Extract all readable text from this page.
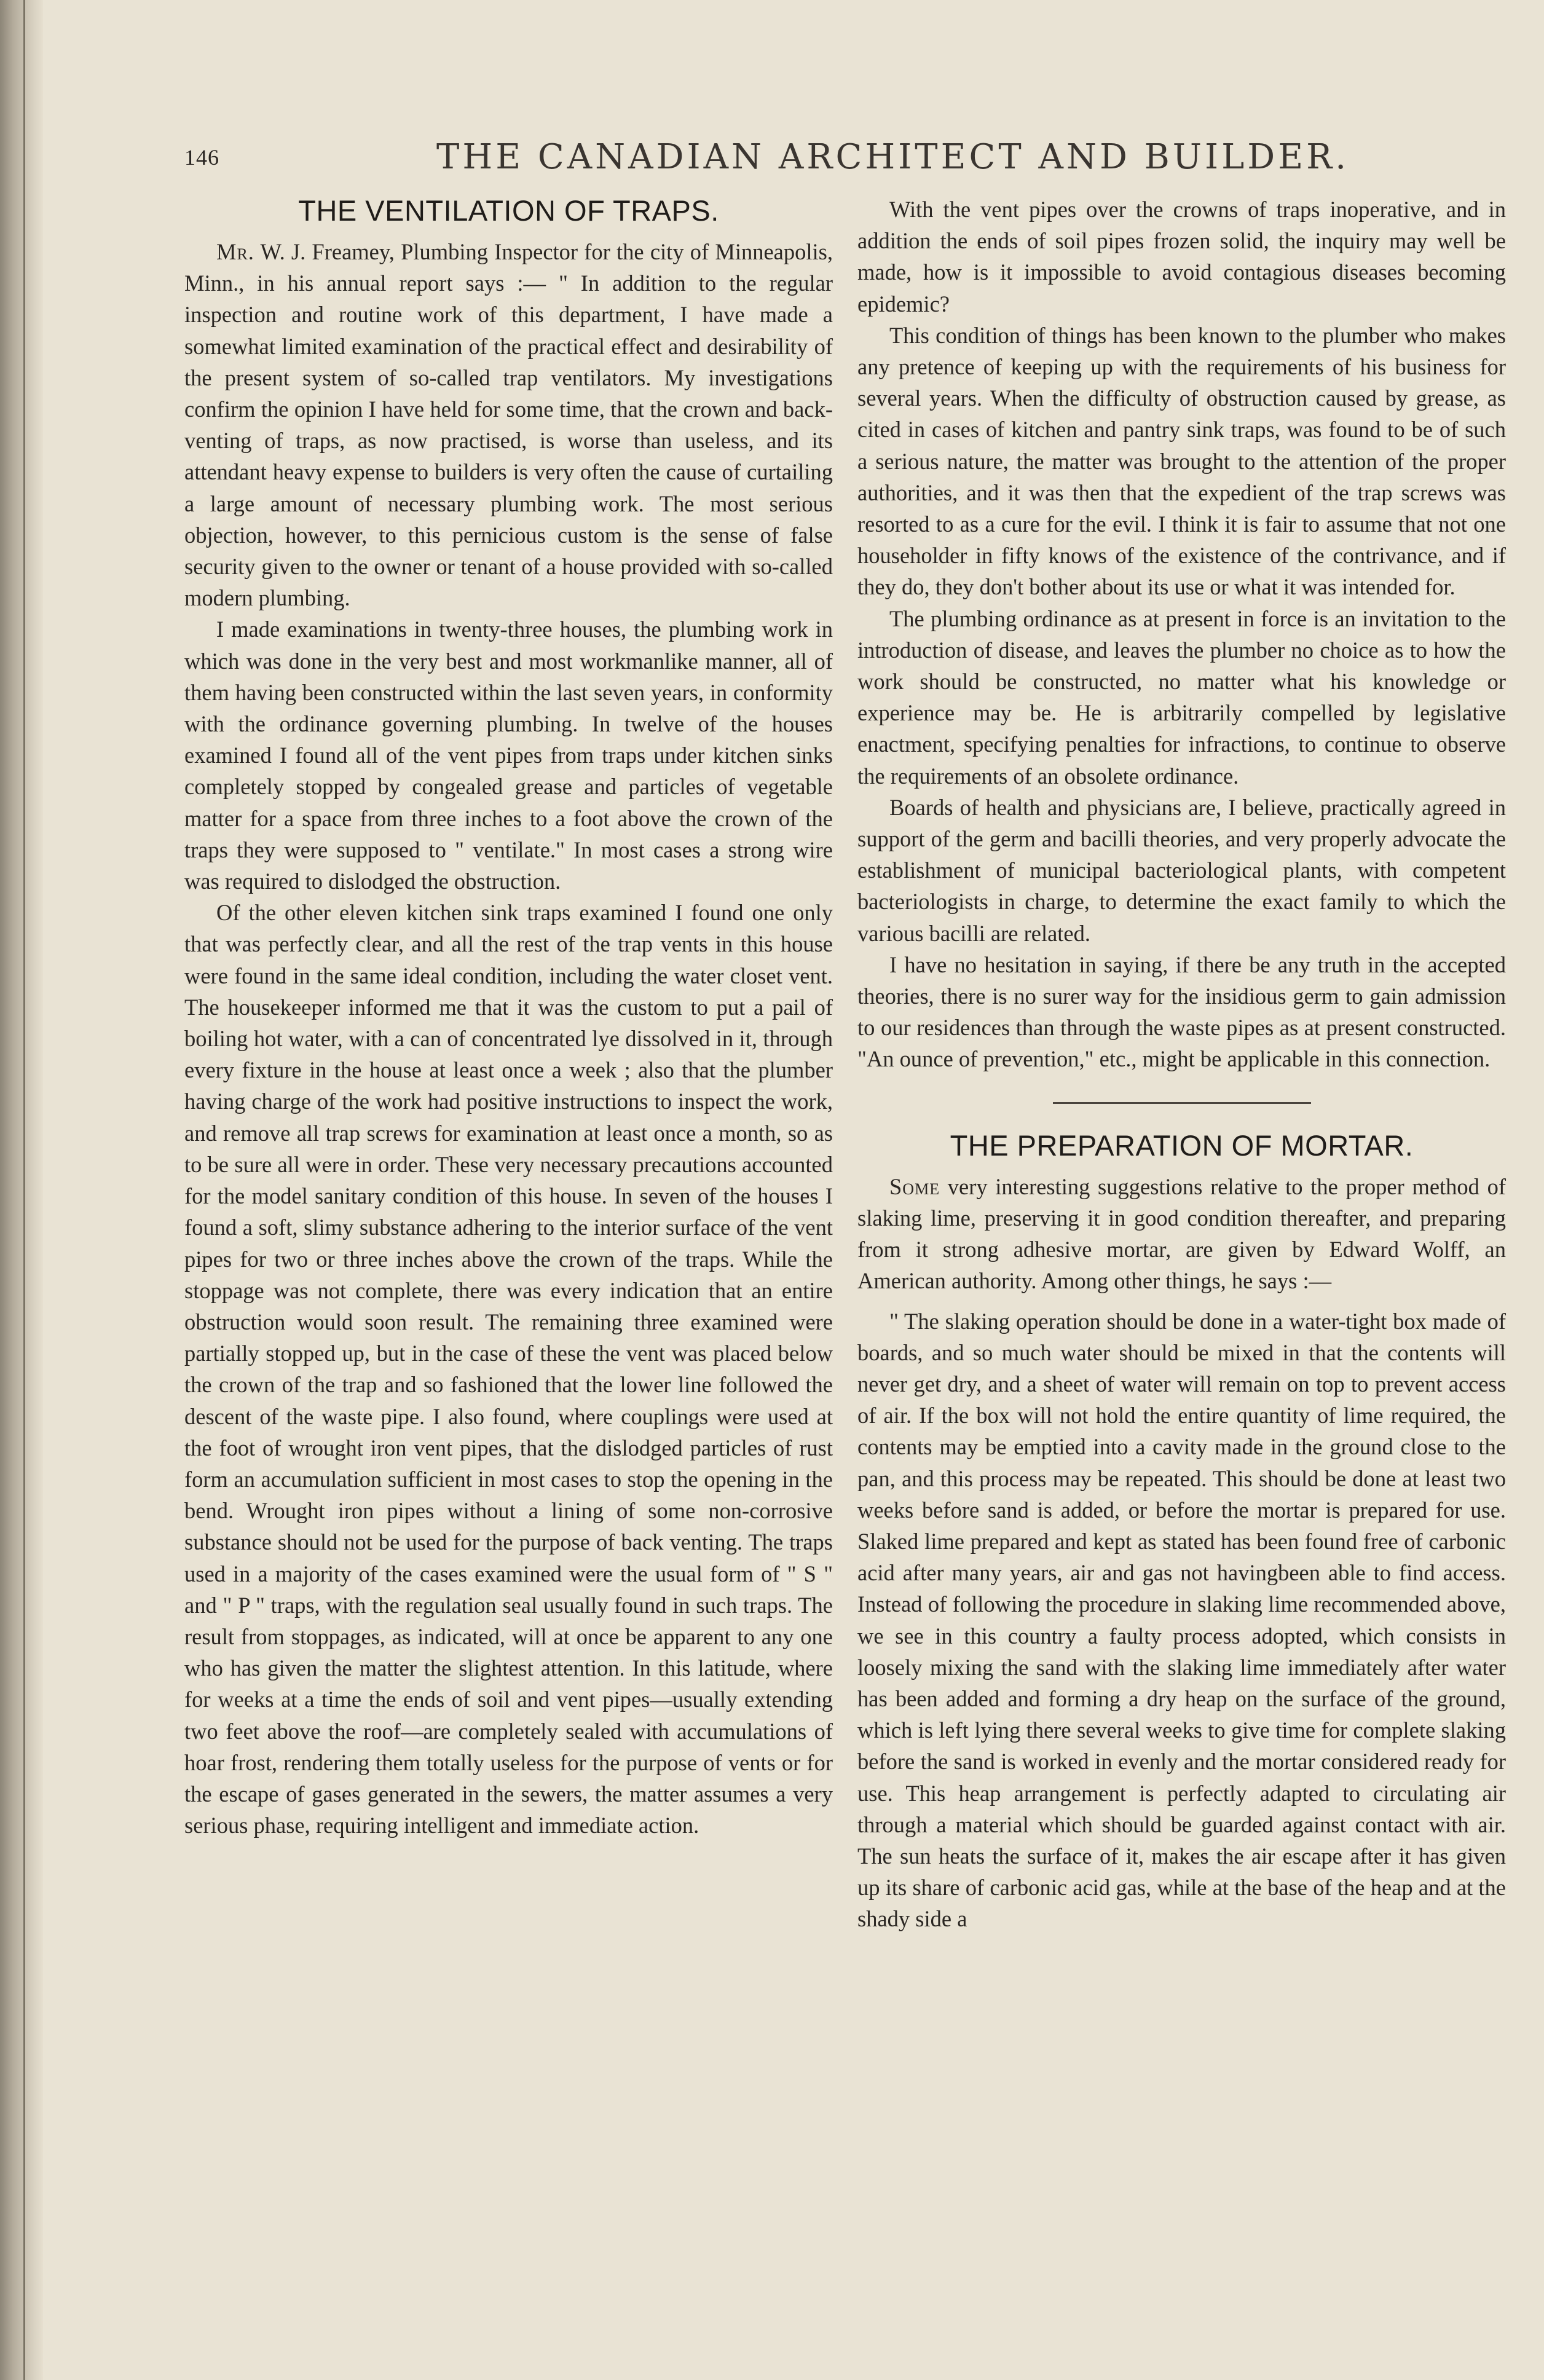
146	THE CANADIAN ARCHITECT AND BUILDER.
THE VENTILATION OF TRAPS.

Mr. W. J. Freamey, Plumbing Inspector for the city of Minneapolis, Minn., in his annual report says :— " In addition to the regular inspection and routine work of this department, I have made a somewhat limited examination of the practical effect and desirability of the present system of so-called trap ventilators. My investigations confirm the opinion I have held for some time, that the crown and back-venting of traps, as now practised, is worse than useless, and its attendant heavy expense to builders is very often the cause of curtailing a large amount of necessary plumbing work. The most serious objection, however, to this pernicious custom is the sense of false security given to the owner or tenant of a house provided with so-called modern plumbing.

I made examinations in twenty-three houses, the plumbing work in which was done in the very best and most workmanlike manner, all of them having been constructed within the last seven years, in conformity with the ordinance governing plumbing. In twelve of the houses examined I found all of the vent pipes from traps under kitchen sinks completely stopped by congealed grease and particles of vegetable matter for a space from three inches to a foot above the crown of the traps they were supposed to " ventilate." In most cases a strong wire was required to dislodged the obstruction.

Of the other eleven kitchen sink traps examined I found one only that was perfectly clear, and all the rest of the trap vents in this house were found in the same ideal condition, including the water closet vent. The housekeeper informed me that it was the custom to put a pail of boiling hot water, with a can of concentrated lye dissolved in it, through every fixture in the house at least once a week ; also that the plumber having charge of the work had positive instructions to inspect the work, and remove all trap screws for examination at least once a month, so as to be sure all were in order. These very necessary precautions accounted for the model sanitary condition of this house. In seven of the houses I found a soft, slimy substance adhering to the interior surface of the vent pipes for two or three inches above the crown of the traps. While the stoppage was not complete, there was every indication that an entire obstruction would soon result. The remaining three examined were partially stopped up, but in the case of these the vent was placed below the crown of the trap and so fashioned that the lower line followed the descent of the waste pipe. I also found, where couplings were used at the foot of wrought iron vent pipes, that the dislodged particles of rust form an accumulation sufficient in most cases to stop the opening in the bend. Wrought iron pipes without a lining of some non-corrosive substance should not be used for the purpose of back venting. The traps used in a majority of the cases examined were the usual form of " S " and " P " traps, with the regulation seal usually found in such traps. The result from stoppages, as indicated, will at once be apparent to any one who has given the matter the slightest attention. In this latitude, where for weeks at a time the ends of soil and vent pipes—usually extending two feet above the roof—are completely sealed with accumulations of hoar frost, rendering them totally useless for the purpose of vents or for the escape of gases generated in the sewers, the matter assumes a very serious phase, requiring intelligent and immediate action.

With the vent pipes over the crowns of traps inoperative, and in addition the ends of soil pipes frozen solid, the inquiry may well be made, how is it impossible to avoid contagious diseases becoming epidemic?

This condition of things has been known to the plumber who makes any pretence of keeping up with the requirements of his business for several years. When the difficulty of obstruction caused by grease, as cited in cases of kitchen and pantry sink traps, was found to be of such a serious nature, the matter was brought to the attention of the proper authorities, and it was then that the expedient of the trap screws was resorted to as a cure for the evil. I think it is fair to assume that not one householder in fifty knows of the existence of the contrivance, and if they do, they don't bother about its use or what it was intended for.

The plumbing ordinance as at present in force is an invitation to the introduction of disease, and leaves the plumber no choice as to how the work should be constructed, no matter what his knowledge or experience may be. He is arbitrarily compelled by legislative enactment, specifying penalties for infractions, to continue to observe the requirements of an obsolete ordinance.

Boards of health and physicians are, I believe, practically agreed in support of the germ and bacilli theories, and very properly advocate the establishment of municipal bacteriological plants, with competent bacteriologists in charge, to determine the exact family to which the various bacilli are related.

I have no hesitation in saying, if there be any truth in the accepted theories, there is no surer way for the insidious germ to gain admission to our residences than through the waste pipes as at present constructed. "An ounce of prevention," etc., might be applicable in this connection.

THE PREPARATION OF MORTAR.

Some very interesting suggestions relative to the proper method of slaking lime, preserving it in good condition thereafter, and preparing from it strong adhesive mortar, are given by Edward Wolff, an American authority. Among other things, he says :—

" The slaking operation should be done in a water-tight box made of boards, and so much water should be mixed in that the contents will never get dry, and a sheet of water will remain on top to prevent access of air. If the box will not hold the entire quantity of lime required, the contents may be emptied into a cavity made in the ground close to the pan, and this process may be repeated. This should be done at least two weeks before sand is added, or before the mortar is prepared for use. Slaked lime prepared and kept as stated has been found free of carbonic acid after many years, air and gas not havingbeen able to find access. Instead of following the procedure in slaking lime recommended above, we see in this country a faulty process adopted, which consists in loosely mixing the sand with the slaking lime immediately after water has been added and forming a dry heap on the surface of the ground, which is left lying there several weeks to give time for complete slaking before the sand is worked in evenly and the mortar considered ready for use. This heap arrangement is perfectly adapted to circulating air through a material which should be guarded against contact with air. The sun heats the surface of it, makes the air escape after it has given up its share of carbonic acid gas, while at the base of the heap and at the shady side a
